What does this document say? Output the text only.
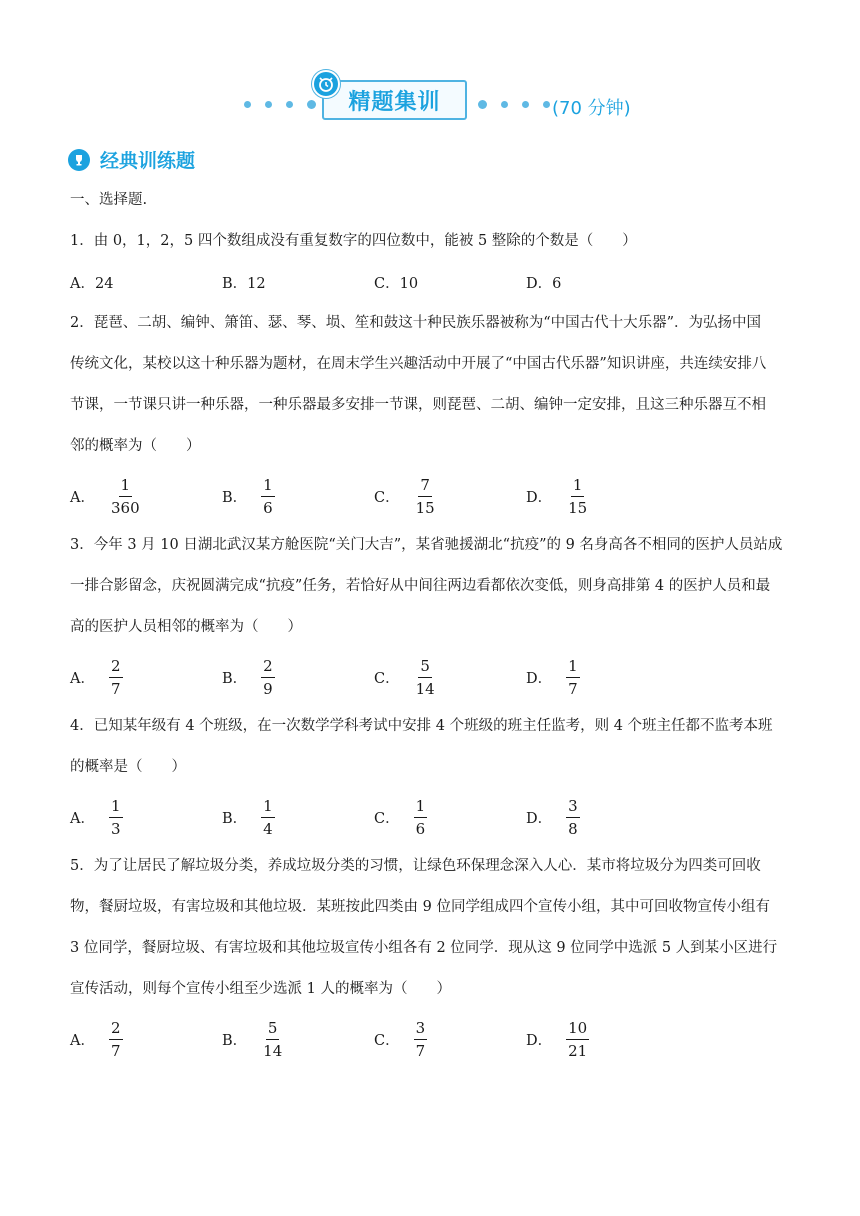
精题集训	(70 分钟)
经典训练题
一、选择题.
1．由 0，1，2，5 四个数组成没有重复数字的四位数中，能被 5 整除的个数是（　　）
A．24	B．12	C．10	D．6
2．琵琶、二胡、编钟、箫笛、瑟、琴、埙、笙和鼓这十种民族乐器被称为“中国古代十大乐器”．为弘扬中国
传统文化，某校以这十种乐器为题材，在周末学生兴趣活动中开展了“中国古代乐器”知识讲座，共连续安排八
节课，一节课只讲一种乐器，一种乐器最多安排一节课，则琵琶、二胡、编钟一定安排，且这三种乐器互不相
邻的概率为（　　）
A． $\frac{1}{360}$	B． $\frac{1}{6}$	C． $\frac{7}{15}$	D． $\frac{1}{15}$
3．今年 3 月 10 日湖北武汉某方舱医院“关门大吉”，某省驰援湖北“抗疫”的 9 名身高各不相同的医护人员站成
一排合影留念，庆祝圆满完成“抗疫”任务，若恰好从中间往两边看都依次变低，则身高排第 4 的医护人员和最
高的医护人员相邻的概率为（　　）
A． $\frac{2}{7}$	B． $\frac{2}{9}$	C． $\frac{5}{14}$	D． $\frac{1}{7}$
4．已知某年级有 4 个班级，在一次数学学科考试中安排 4 个班级的班主任监考，则 4 个班主任都不监考本班
的概率是（　　）
A． $\frac{1}{3}$	B． $\frac{1}{4}$	C． $\frac{1}{6}$	D． $\frac{3}{8}$
5．为了让居民了解垃圾分类，养成垃圾分类的习惯，让绿色环保理念深入人心．某市将垃圾分为四类可回收
物，餐厨垃圾，有害垃圾和其他垃圾．某班按此四类由 9 位同学组成四个宣传小组，其中可回收物宣传小组有
3 位同学，餐厨垃圾、有害垃圾和其他垃圾宣传小组各有 2 位同学．现从这 9 位同学中选派 5 人到某小区进行
宣传活动，则每个宣传小组至少选派 1 人的概率为（　　）
A． $\frac{2}{7}$	B． $\frac{5}{14}$	C． $\frac{3}{7}$	D． $\frac{10}{21}$
